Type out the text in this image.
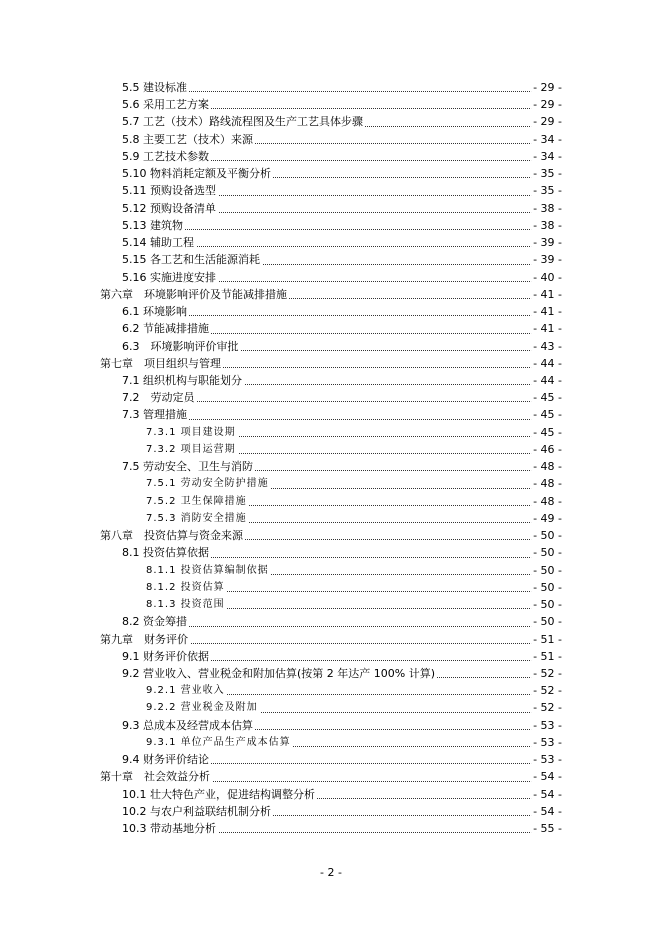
5.5 建设标准	- 29 -
5.6 采用工艺方案	- 29 -
5.7 工艺（技术）路线流程图及生产工艺具体步骤	- 29 -
5.8 主要工艺（技术）来源	- 34 -
5.9 工艺技术参数	- 34 -
5.10 物料消耗定额及平衡分析	- 35 -
5.11 预购设备选型	- 35 -
5.12 预购设备清单	- 38 -
5.13 建筑物	- 38 -
5.14 辅助工程	- 39 -
5.15 各工艺和生活能源消耗	- 39 -
5.16 实施进度安排	- 40 -
第六章　环境影响评价及节能减排措施	- 41 -
6.1 环境影响	- 41 -
6.2 节能减排措施	- 41 -
6.3　环境影响评价审批	- 43 -
第七章　项目组织与管理	- 44 -
7.1 组织机构与职能划分	- 44 -
7.2　劳动定员	- 45 -
7.3 管理措施	- 45 -
7.3.1 项目建设期	- 45 -
7.3.2 项目运营期	- 46 -
7.5 劳动安全、卫生与消防	- 48 -
7.5.1 劳动安全防护措施	- 48 -
7.5.2 卫生保障措施	- 48 -
7.5.3 消防安全措施	- 49 -
第八章　投资估算与资金来源	- 50 -
8.1 投资估算依据	- 50 -
8.1.1 投资估算编制依据	- 50 -
8.1.2 投资估算	- 50 -
8.1.3 投资范围	- 50 -
8.2 资金筹措	- 50 -
第九章　财务评价	- 51 -
9.1 财务评价依据	- 51 -
9.2 营业收入、营业税金和附加估算(按第 2 年达产 100% 计算)	- 52 -
9.2.1 营业收入	- 52 -
9.2.2 营业税金及附加	- 52 -
9.3 总成本及经营成本估算	- 53 -
9.3.1 单位产品生产成本估算	- 53 -
9.4 财务评价结论	- 53 -
第十章　社会效益分析	- 54 -
10.1 壮大特色产业，促进结构调整分析	- 54 -
10.2 与农户利益联结机制分析	- 54 -
10.3 带动基地分析	- 55 -
- 2 -
